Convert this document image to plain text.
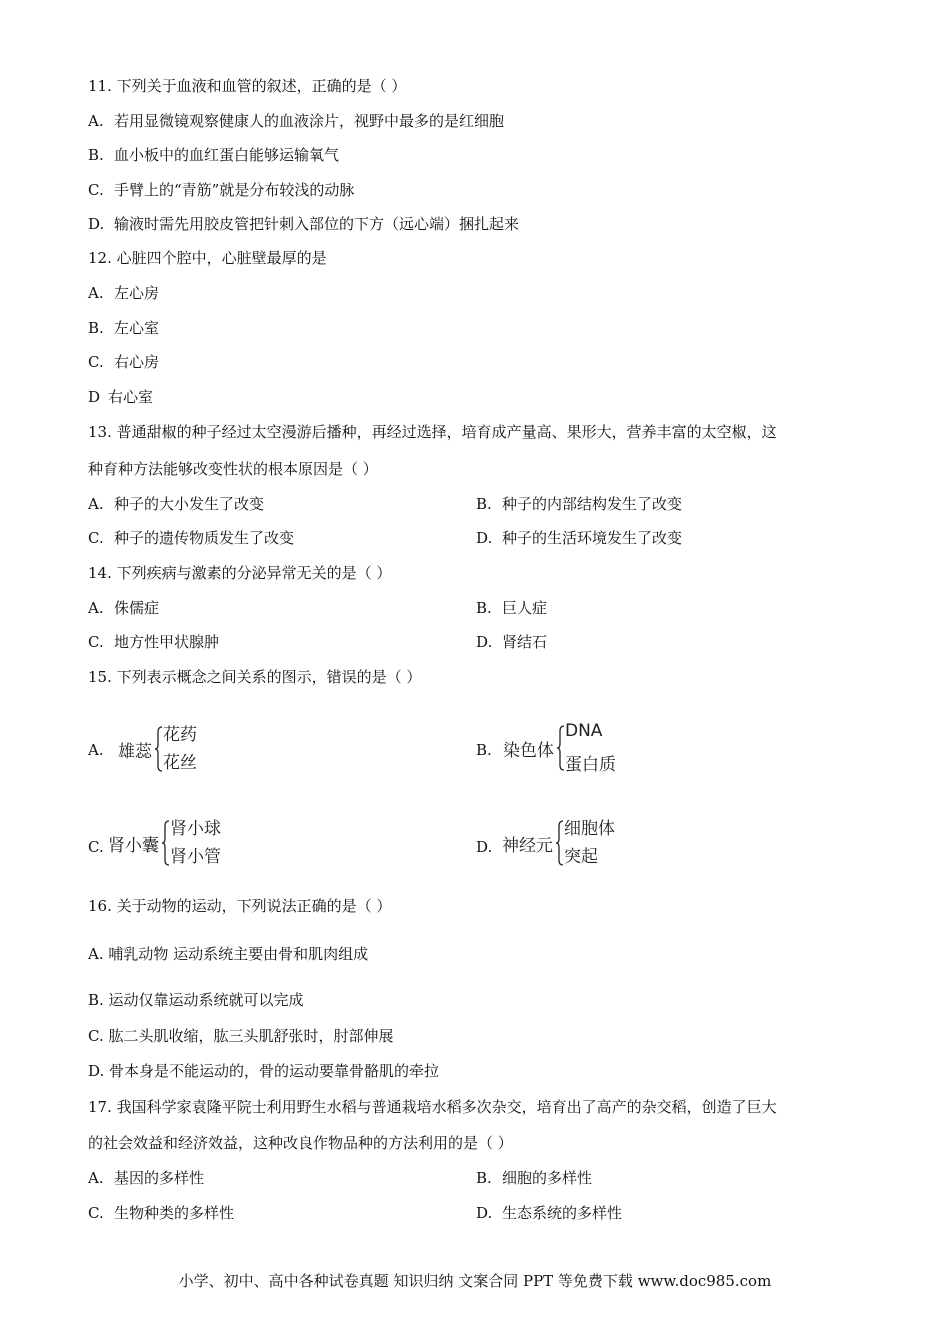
11. 下列关于血液和血管的叙述，正确的是（ ）
A. 若用显微镜观察健康人的血液涂片，视野中最多的是红细胞
B. 血小板中的血红蛋白能够运输氧气
C. 手臂上的“青筋”就是分布较浅的动脉
D. 输液时需先用胶皮管把针刺入部位的下方（远心端）捆扎起来
12. 心脏四个腔中，心脏壁最厚的是
A. 左心房
B. 左心室
C. 右心房
D 右心室
13. 普通甜椒的种子经过太空漫游后播种，再经过选择，培育成产量高、果形大，营养丰富的太空椒，这
种育种方法能够改变性状的根本原因是（ ）
A. 种子的大小发生了改变	B. 种子的内部结构发生了改变
C. 种子的遗传物质发生了改变	D. 种子的生活环境发生了改变
14. 下列疾病与激素的分泌异常无关的是（ ）
A. 侏儒症	B. 巨人症
C. 地方性甲状腺肿	D. 肾结石
15. 下列表示概念之间关系的图示，错误的是（ ）
A. 雄蕊
花药
花丝
B. 染色体
DNA
蛋白质
C. 肾小囊
肾小球
肾小管	D. 神经元
细胞体
突起
16. 关于动物的运动，下列说法正确的是（ ）
A. 哺乳动物 运动系统主要由骨和肌肉组成
B. 运动仅靠运动系统就可以完成
C. 肱二头肌收缩，肱三头肌舒张时，肘部伸展
D. 骨本身是不能运动的，骨的运动要靠骨骼肌的牵拉
17. 我国科学家袁隆平院士利用野生水稻与普通栽培水稻多次杂交，培育出了高产的杂交稻，创造了巨大
的社会效益和经济效益，这种改良作物品种的方法利用的是（ ）
A. 基因的多样性	B. 细胞的多样性
C. 生物种类的多样性	D. 生态系统的多样性
小学、初中、高中各种试卷真题 知识归纳 文案合同 PPT 等免费下载 www.doc985.com
